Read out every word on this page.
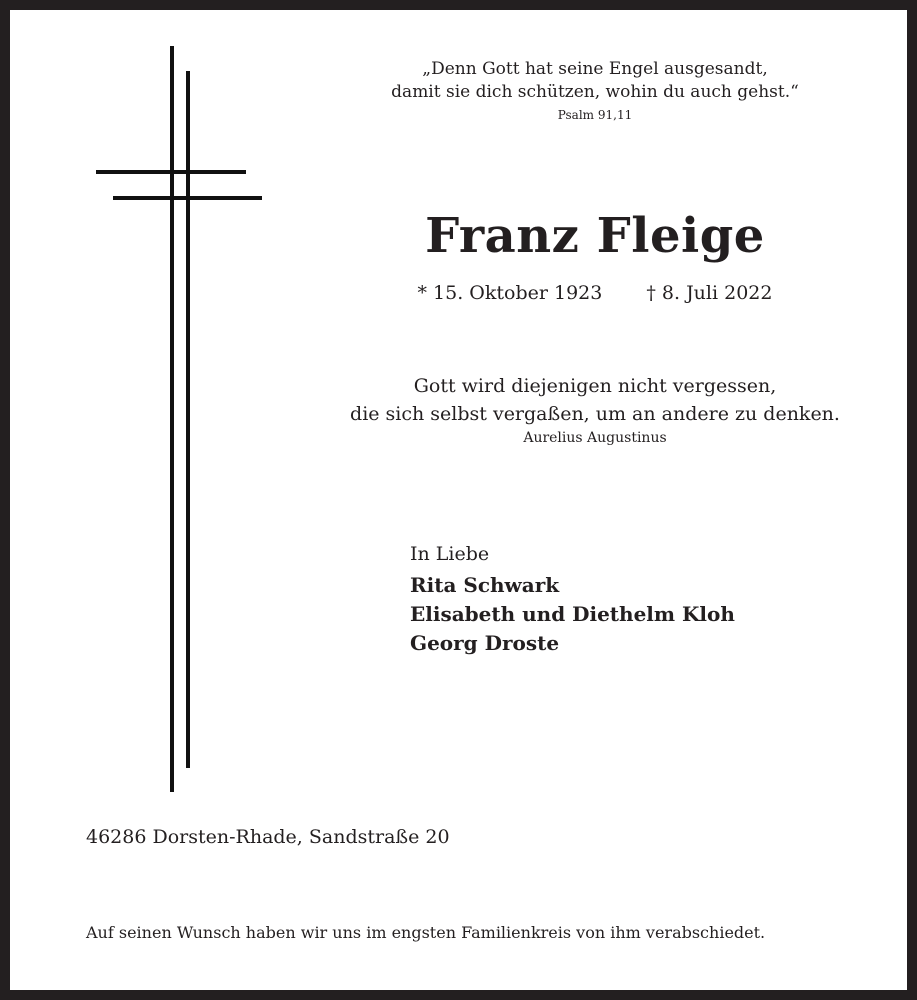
„Denn Gott hat seine Engel ausgesandt,
damit sie dich schützen, wohin du auch gehst.“
Psalm 91,11
Franz Fleige
* 15. Oktober 1923 † 8. Juli 2022
Gott wird diejenigen nicht vergessen,
die sich selbst vergaßen, um an andere zu denken.
Aurelius Augustinus
In Liebe
Rita Schwark
Elisabeth und Diethelm Kloh
Georg Droste
46286 Dorsten-Rhade, Sandstraße 20
Auf seinen Wunsch haben wir uns im engsten Familienkreis von ihm verabschiedet.
